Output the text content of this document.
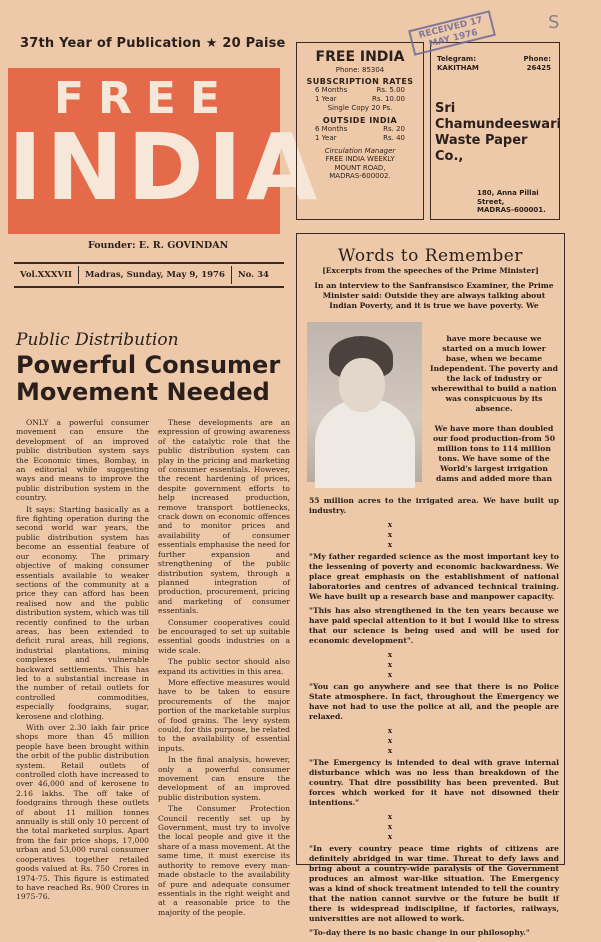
37th Year of Publication ★ 20 Paise
FREE
INDIA
Founder: E. R. GOVINDAN
Vol.XXXVII	Madras, Sunday, May 9, 1976	No. 34
Public Distribution
Powerful Consumer Movement Needed

ONLY a powerful consumer movement can ensure the development of an improved public distribution system says the Economic times, Bombay, in an editorial while suggesting ways and means to improve the public distribution system in the country.

It says: Starting basically as a fire fighting operation during the second world war years, the public distribution system has become an essential feature of our economy. The primary objective of making consumer essentials available to weaker sections of the community at a price they can afford has been realised now and the public distribution system, which was till recently confined to the urban areas, has been extended to deficit rural areas, hill regions, industrial plantations, mining complexes and vulnerable backward settlements. This has led to a substantial increase in the number of retail outlets for controlled commodities, especially foodgrains, sugar, kerosene and clothing.

With over 2.30 lakh fair price shops more than 45 million people have been brought within the orbit of the public distribution system. Retail outlets of controlled cloth have increased to over 46,000 and of kerosene to 2.16 lakhs. The off take of foodgrains through these outlets of about 11 million tonnes annually is still only 10 percent of the total marketed surplus. Apart from the fair price shops, 17,000 urban and 53,000 rural consumer cooperatives together retailed goods valued at Rs. 750 Crores in 1974-75. This figure is estimated to have reached Rs. 900 Crores in 1975-76.

These developments are an expression of growing awareness of the catalytic role that the public distribution system can play in the pricing and marketing of consumer essentials. However, the recent hardening of prices, despite government efforts to help increased production, remove transport bottlenecks, crack down on economic offences and to monitor prices and availability of consumer essentials emphasise the need for further expansion and strengthening of the public distribution system, through a planned integration of production, procurement, pricing and marketing of consumer essentials.

Consumer cooperatives could be encouraged to set up suitable essential goods industries on a wide scale.

The public sector should also expand its activities in this area.

More effective measures would have to be taken to ensure procurements of the major portion of the marketable surplus of food grains. The levy system could, for this purpose, be related to the availability of essential inputs.

In the final analysis, however, only a powerful consumer movement can ensure the development of an improved public distribution system.

The Consumer Protection Council recently set up by Government, must try to involve the local people and give it the share of a mass movement. At the same time, it must exercise its authority to remove every man-made obstacle to the availability of pure and adequate consumer essentials in the right weight and at a reasonable price to the majority of the people.

FREE INDIA
Phone: 85304
SUBSCRIPTION RATES
6 Months	Rs. 5.00
1 Year	Rs. 10.00
Single Copy 20 Ps.
OUTSIDE INDIA
6 Months	Rs. 20
1 Year	Rs. 40
Circulation Manager
FREE INDIA WEEKLY
MOUNT ROAD,
MADRAS-600002.
Telegram:
KAKITHAM
Phone:
26425
Sri Chamundeeswari Waste Paper Co.,
180, Anna Pillai Street,
MADRAS-600001.
RECEIVED 17 MAY 1976
S
Words to Remember
[Excerpts from the speeches of the Prime Minister]
In an interview to the Sanfransisco Examiner, the Prime Minister said: Outside they are always talking about Indian Poverty, and it is true we have poverty. We
have more because we started on a much lower base, when we became Independent. The poverty and the lack of industry or wherewithal to build a nation was conspicuous by its absence.

We have more than doubled our food production-from 50 million tons to 114 million tons. We have some of the World's largest irrigation dams and added more than

55 million acres to the irrigated area. We have built up industry.

x x x

"My father regarded science as the most important key to the lessening of poverty and economic backwardness. We place great emphasis on the establishment of national laboratories and centres of advanced technical training. We have built up a research base and manpower capacity.

"This has also strengthened in the ten years because we have paid special attention to it but I would like to stress that our science is being used and will be used for economic development".

x x x

"You can go anywhere and see that there is no Police State atmosphere. In fact, throughout the Emergency we have not had to use the police at all, and the people are relaxed.

x x x

"The Emergency is intended to deal with grave internal disturbance which was no less than breakdown of the country. That dire possibility has been prevented. But forces which worked for it have not disowned their intentions."

x x x

"In every country peace time rights of citizens are definitely abridged in war time. Threat to defy laws and bring about a country-wide paralysis of the Government produces an almost war-like situation. The Emergency was a kind of shock treatment intended to tell the country that the nation cannot survive or the future be built if there is widespread indiscipline, if factories, railways, universities are not allowed to work.

"To-day there is no basic change in our philosophy."
